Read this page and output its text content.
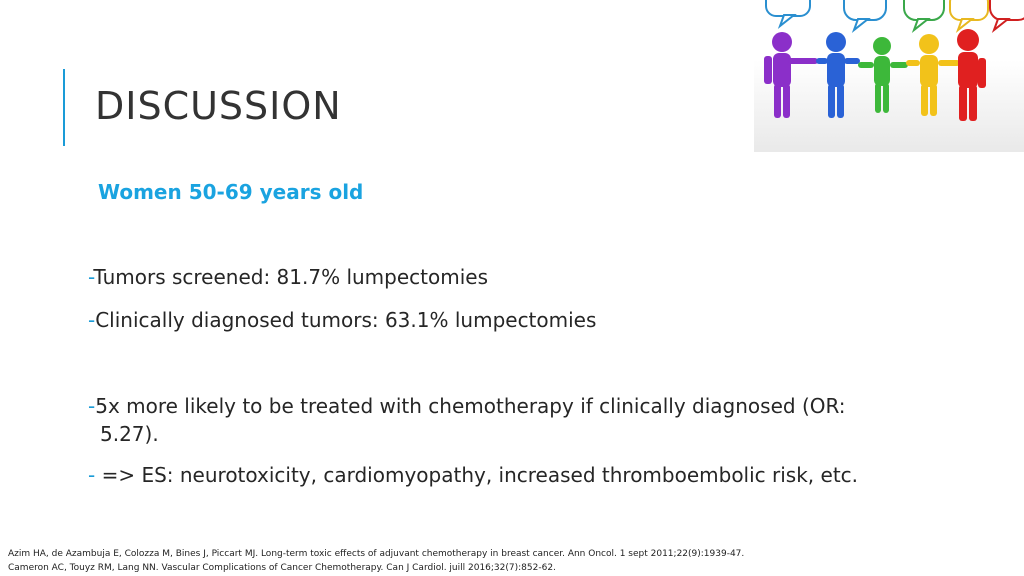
DISCUSSION
Women 50-69 years old
-Tumors screened: 81.7% lumpectomies
-Clinically diagnosed tumors: 63.1% lumpectomies
-5x more likely to be treated with chemotherapy if clinically diagnosed (OR:
5.27).
- => ES: neurotoxicity, cardiomyopathy, increased thromboembolic risk, etc.
Azim HA, de Azambuja E, Colozza M, Bines J, Piccart MJ. Long-term toxic effects of adjuvant chemotherapy in breast cancer. Ann Oncol. 1 sept 2011;22(9):1939-47.
Cameron AC, Touyz RM, Lang NN. Vascular Complications of Cancer Chemotherapy. Can J Cardiol. juill 2016;32(7):852-62.
